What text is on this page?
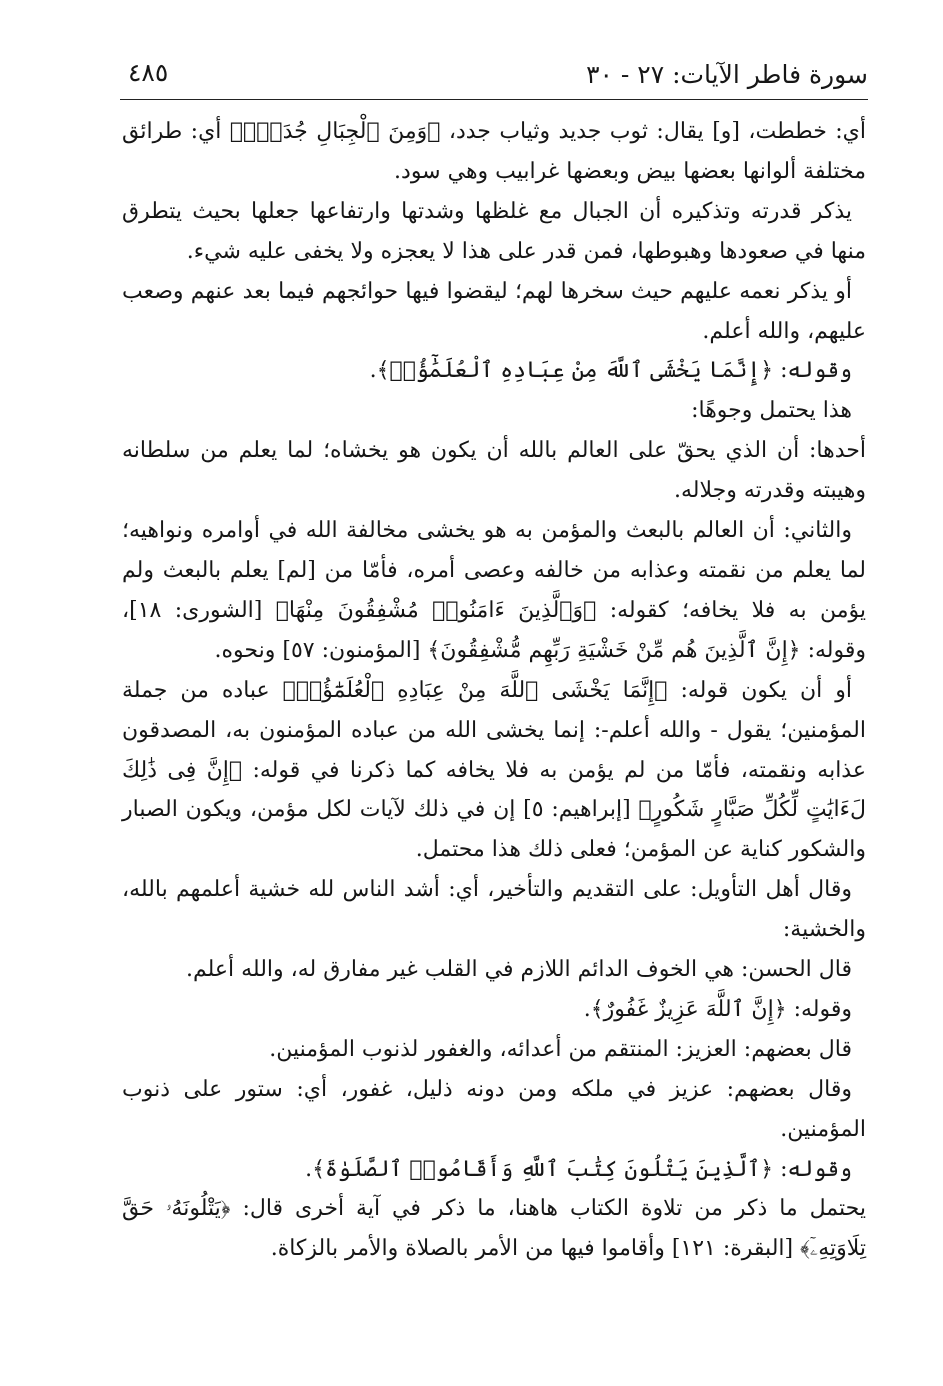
سورة فاطر الآيات: ٢٧ - ٣٠
٤٨٥

أي: خططت، [و] يقال: ثوب جديد وثياب جدد، ﴿وَمِنَ ٱلْجِبَالِ جُدَدٌۢ﴾ أي: طرائق مختلفة ألوانها بعضها بيض وبعضها غرابيب وهي سود.

يذكر قدرته وتذكيره أن الجبال مع غلظها وشدتها وارتفاعها جعلها بحيث يتطرق منها في صعودها وهبوطها، فمن قدر على هذا لا يعجزه ولا يخفى عليه شيء.

أو يذكر نعمه عليهم حيث سخرها لهم؛ ليقضوا فيها حوائجهم فيما بعد عنهم وصعب عليهم، والله أعلم.

وقوله: ﴿إِنَّمَا يَخْشَى ٱللَّهَ مِنْ عِبَادِهِ ٱلْعُلَمَٰٓؤُا۟﴾.

هذا يحتمل وجوهًا:

أحدها: أن الذي يحقّ على العالم بالله أن يكون هو يخشاه؛ لما يعلم من سلطانه وهيبته وقدرته وجلاله.

والثاني: أن العالم بالبعث والمؤمن به هو يخشى مخالفة الله في أوامره ونواهيه؛ لما يعلم من نقمته وعذابه من خالفه وعصى أمره، فأمّا من [لم] يعلم بالبعث ولم يؤمن به فلا يخافه؛ كقوله: ﴿وَٱلَّذِينَ ءَامَنُوا۟ مُشْفِقُونَ مِنْهَا﴾ [الشورى: ١٨]، وقوله: ﴿إِنَّ ٱلَّذِينَ هُم مِّنْ خَشْيَةِ رَبِّهِم مُّشْفِقُونَ﴾ [المؤمنون: ٥٧] ونحوه.

أو أن يكون قوله: ﴿إِنَّمَا يَخْشَى ٱللَّهَ مِنْ عِبَادِهِ ٱلْعُلَمَٰٓؤُا۟﴾ عباده من جملة المؤمنين؛ يقول - والله أعلم-: إنما يخشى الله من عباده المؤمنون به، المصدقون عذابه ونقمته، فأمّا من لم يؤمن به فلا يخافه كما ذكرنا في قوله: ﴿إِنَّ فِى ذَٰلِكَ لَءَايَٰتٍ لِّكُلِّ صَبَّارٍ شَكُورٍ﴾ [إبراهيم: ٥] إن في ذلك لآيات لكل مؤمن، ويكون الصبار والشكور كناية عن المؤمن؛ فعلى ذلك هذا محتمل.

وقال أهل التأويل: على التقديم والتأخير، أي: أشد الناس لله خشية أعلمهم بالله، والخشية:

قال الحسن: هي الخوف الدائم اللازم في القلب غير مفارق له، والله أعلم.

وقوله: ﴿إِنَّ ٱللَّهَ عَزِيزٌ غَفُورٌ﴾.

قال بعضهم: العزيز: المنتقم من أعدائه، والغفور لذنوب المؤمنين.

وقال بعضهم: عزيز في ملكه ومن دونه ذليل، غفور، أي: ستور على ذنوب المؤمنين.

وقوله: ﴿ٱلَّذِينَ يَتْلُونَ كِتَٰبَ ٱللَّهِ وَأَقَامُوا۟ ٱلصَّلَوٰةَ﴾.

يحتمل ما ذكر من تلاوة الكتاب هاهنا، ما ذكر في آية أخرى قال: ﴿يَتْلُونَهُۥ حَقَّ تِلَاوَتِهِۦٓ﴾ [البقرة: ١٢١] وأقاموا فيها من الأمر بالصلاة والأمر بالزكاة.
